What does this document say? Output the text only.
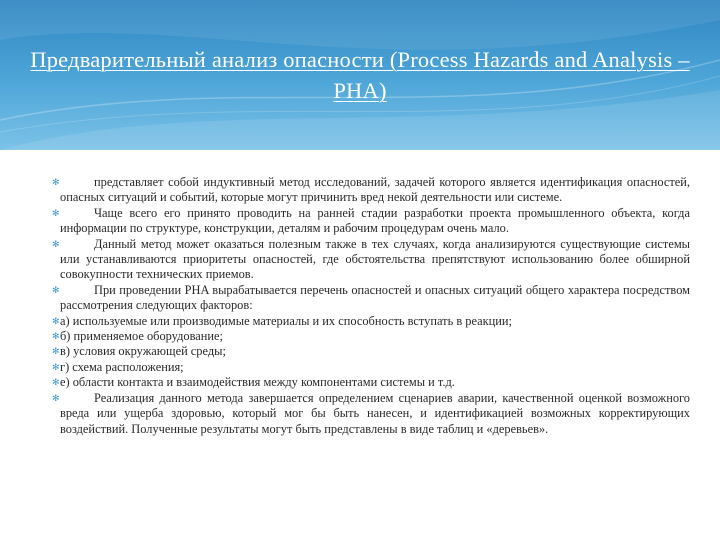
Предварительный анализ опасности (Process Hazards and Analysis – PHA)
✻	представляет собой индуктивный метод исследований, задачей которого является идентификация опасностей, опасных ситуаций и событий, которые могут причинить вред некой деятельности или системе.
✻	Чаще всего его принято проводить на ранней стадии разработки проекта промышленного объекта, когда информации по структуре, конструкции, деталям и рабочим процедурам очень мало.
✻	Данный метод может оказаться полезным также в тех случаях, когда анализируются существующие системы или устанавливаются приоритеты опасностей, где обстоятельства препятствуют использованию более обширной совокупности технических приемов.
✻	При проведении PHA вырабатывается перечень опасностей и опасных ситуаций общего характера посредством рассмотрения следующих факторов:
✻ а) используемые или производимые материалы и их способность вступать в реакции;
✻ б) применяемое оборудование;
✻ в) условия окружающей среды;
✻ г) схема расположения;
✻ е) области контакта и взаимодействия между компонентами системы и т.д.
✻	Реализация данного метода завершается определением сценариев аварии, качественной оценкой возможного вреда или ущерба здоровью, который мог бы быть нанесен, и идентификацией возможных корректирующих воздействий. Полученные результаты могут быть представлены в виде таблиц и «деревьев».
